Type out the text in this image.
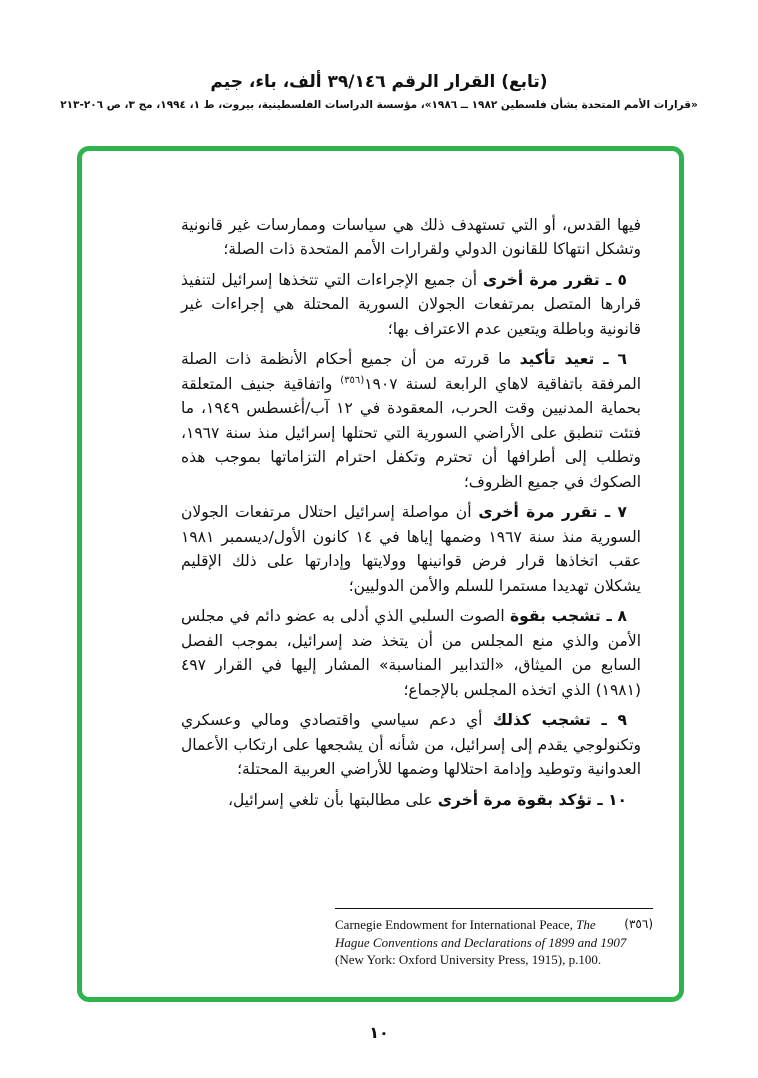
(تابع) القرار الرقم ٣٩/١٤٦ ألف، باء، جيم
«قرارات الأمم المتحدة بشأن فلسطين ١٩٨٢ ــ ١٩٨٦»، مؤسسة الدراسات الفلسطينية، بيروت، ط ١، ١٩٩٤، مج ٣، ص ٢٠٦-٢١٣

فيها القدس، أو التي تستهدف ذلك هي سياسات وممارسات غير قانونية وتشكل انتهاكا للقانون الدولي ولقرارات الأمم المتحدة ذات الصلة؛

٥ ـ تقرر مرة أخرى أن جميع الإجراءات التي تتخذها إسرائيل لتنفيذ قرارها المتصل بمرتفعات الجولان السورية المحتلة هي إجراءات غير قانونية وباطلة ويتعين عدم الاعتراف بها؛

٦ ـ تعيد تأكيد ما قررته من أن جميع أحكام الأنظمة ذات الصلة المرفقة باتفاقية لاهاي الرابعة لسنة ١٩٠٧$^{(٣٥٦)}$ واتفاقية جنيف المتعلقة بحماية المدنيين وقت الحرب، المعقودة في ١٢ آب/أغسطس ١٩٤٩، ما فتئت تنطبق على الأراضي السورية التي تحتلها إسرائيل منذ سنة ١٩٦٧، وتطلب إلى أطرافها أن تحترم وتكفل احترام التزاماتها بموجب هذه الصكوك في جميع الظروف؛

٧ ـ تقرر مرة أخرى أن مواصلة إسرائيل احتلال مرتفعات الجولان السورية منذ سنة ١٩٦٧ وضمها إياها في ١٤ كانون الأول/ديسمبر ١٩٨١ عقب اتخاذها قرار فرض قوانينها وولايتها وإدارتها على ذلك الإقليم يشكلان تهديدا مستمرا للسلم والأمن الدوليين؛

٨ ـ تشجب بقوة الصوت السلبي الذي أدلى به عضو دائم في مجلس الأمن والذي منع المجلس من أن يتخذ ضد إسرائيل، بموجب الفصل السابع من الميثاق، «التدابير المناسبة» المشار إليها في القرار ٤٩٧ (١٩٨١) الذي اتخذه المجلس بالإجماع؛

٩ ـ تشجب كذلك أي دعم سياسي واقتصادي ومالي وعسكري وتكنولوجي يقدم إلى إسرائيل، من شأنه أن يشجعها على ارتكاب الأعمال العدوانية وتوطيد وإدامة احتلالها وضمها للأراضي العربية المحتلة؛

١٠ ـ تؤكد بقوة مرة أخرى على مطالبتها بأن تلغي إسرائيل،

(٣٥٦)
Carnegie Endowment for International Peace, The Hague Conventions and Declarations of 1899 and 1907 (New York: Oxford University Press, 1915), p.100.
١٠
